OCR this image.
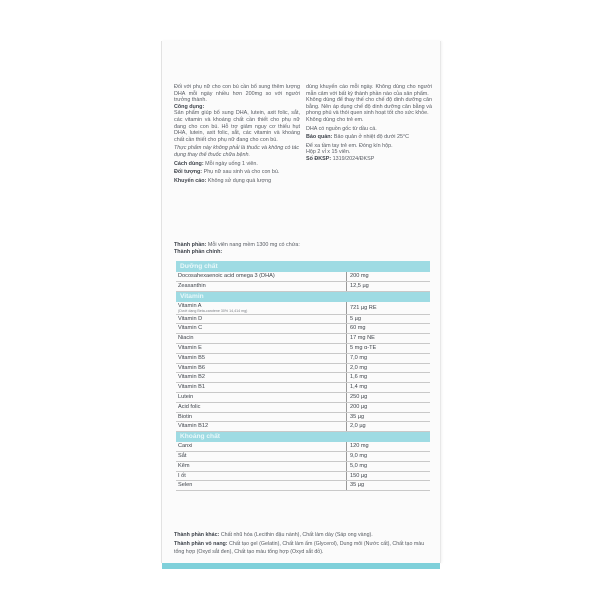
Đối với phụ nữ cho con bú cần bổ sung thêm lượng DHA mỗi ngày nhiều hơn 200mg so với người trưởng thành.

Công dụng:

Sản phẩm giúp bổ sung DHA, lutein, axit folic, sắt, các vitamin và khoáng chất cần thiết cho phụ nữ đang cho con bú. Hỗ trợ giảm nguy cơ thiếu hụt DHA, lutein, axit folic, sắt, các vitamin và khoáng chất cần thiết cho phụ nữ đang cho con bú.

Thực phẩm này không phải là thuốc và không có tác dụng thay thế thuốc chữa bệnh.

Cách dùng: Mỗi ngày uống 1 viên.

Đối tượng: Phụ nữ sau sinh và cho con bú.

Khuyến cáo: Không sử dụng quá lượng

dùng khuyến cáo mỗi ngày. Không dùng cho người mẫn cảm với bất kỳ thành phần nào của sản phẩm.

Không dùng để thay thế cho chế độ dinh dưỡng cân bằng. Nên áp dụng chế độ dinh dưỡng cân bằng và phong phú và thói quen sinh hoạt tốt cho sức khỏe.

Không dùng cho trẻ em.

DHA có nguồn gốc từ dầu cá.

Bảo quản: Bảo quản ở nhiệt độ dưới 25°C

Để xa tầm tay trẻ em. Đóng kín hộp.

Hộp 2 vỉ x 15 viên.

Số ĐKSP: 1319/2024/ĐKSP

Thành phần: Mỗi viên nang mềm 1300 mg có chứa:
Thành phần chính:
Dưỡng chất
Docosahexaenoic acid omega 3 (DHA)	200 mg
Zeaxanthin	12,5 µg
Vitamin
Vitamin A
(Dưới dạng Beta-carotene 30% 14,414 mg)	721 µg RE
Vitamin D	5 µg
Vitamin C	60 mg
Niacin	17 mg NE
Vitamin E	5 mg α-TE
Vitamin B5	7,0 mg
Vitamin B6	2,0 mg
Vitamin B2	1,6 mg
Vitamin B1	1,4 mg
Lutein	250 µg
Acid folic	200 µg
Biotin	35 µg
Vitamin B12	2,0 µg
Khoáng chất
Canxi	120 mg
Sắt	9,0 mg
Kẽm	5,0 mg
I ốt	150 µg
Selen	35 µg

Thành phần khác: Chất nhũ hóa (Lecithin đậu nành), Chất làm dày (Sáp ong vàng).

Thành phần vỏ nang: Chất tạo gel (Gelatin), Chất làm ẩm (Glycerol), Dung môi (Nước cất), Chất tạo màu tổng hợp (Oxyd sắt đen), Chất tạo màu tổng hợp (Oxyd sắt đỏ).
